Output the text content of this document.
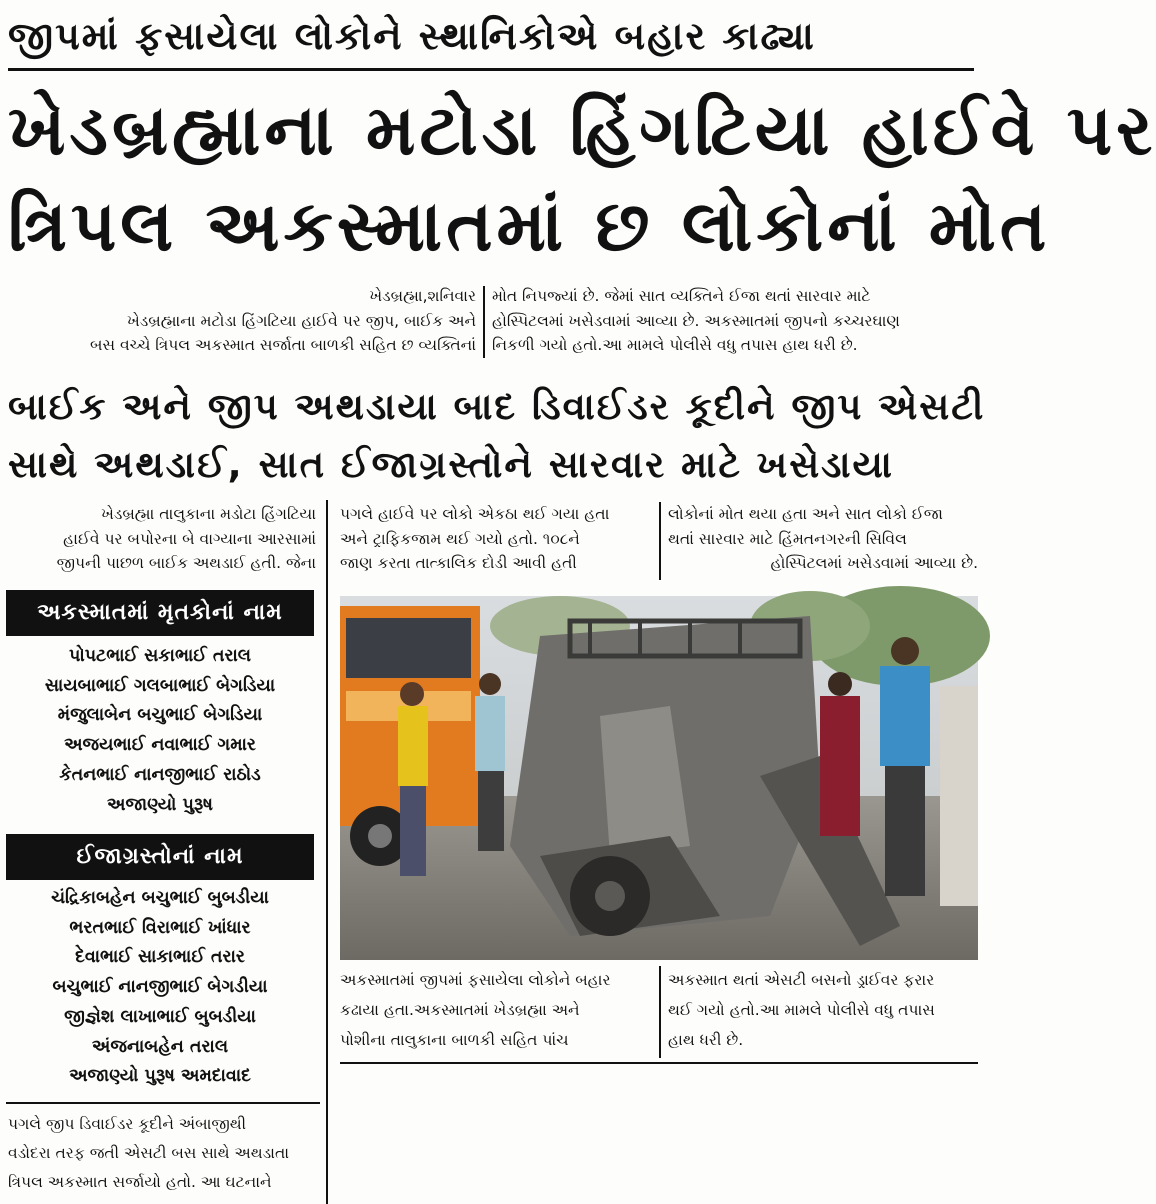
જીપમાં ફસાયેલા લોકોને સ્થાનિકોએ બહાર કાઢ્યા
ખેડબ્રહ્માના મટોડા હિંગટિયા હાઈવે પર
ત્રિપલ અકસ્માતમાં છ લોકોનાં મોત
ખેડબ્રહ્મા,શનિવાર
ખેડબ્રહ્માના મટોડા હિંગટિયા હાઈવે પર જીપ, બાઈક અને
બસ વચ્ચે ત્રિપલ અકસ્માત સર્જાતા બાળકી સહિત છ વ્યક્તિનાં
મોત નિપજ્યાં છે. જેમાં સાત વ્યક્તિને ઈજા થતાં સારવાર માટે
હોસ્પિટલમાં ખસેડવામાં આવ્યા છે. અકસ્માતમાં જીપનો કચ્ચરઘાણ
નિકળી ગયો હતો.આ મામલે પોલીસે વધુ તપાસ હાથ ધરી છે.
બાઈક અને જીપ અથડાયા બાદ ડિવાઈડર કૂદીને જીપ એસટી
સાથે અથડાઈ, સાત ઈજાગ્રસ્તોને સારવાર માટે ખસેડાયા
ખેડબ્રહ્મા તાલુકાના મડોટા હિંગટિયા
હાઈવે પર બપોરના બે વાગ્યાના આરસામાં
જીપની પાછળ બાઈક અથડાઈ હતી. જેના
પગલે હાઈવે પર લોકો એકઠા થઈ ગયા હતા
અને ટ્રાફિકજામ થઈ ગયો હતો. ૧૦૮ને
જાણ કરતા તાત્કાલિક દોડી આવી હતી
લોકોનાં મોત થયા હતા અને સાત લોકો ઈજા
થતાં સારવાર માટે હિંમતનગરની સિવિલ
હોસ્પિટલમાં ખસેડવામાં આવ્યા છે.
અકસ્માતમાં મૃતકોનાં નામ
પોપટભાઈ સકાભાઈ તરાલ
સાયબાભાઈ ગલબાભાઈ બેગડિયા
મંજુલાબેન બચુભાઈ બેગડિયા
અજયભાઈ નવાભાઈ ગમાર
કેતનભાઈ નાનજીભાઈ રાઠોડ
અજાણ્યો પુરૂષ
ઈજાગ્રસ્તોનાં નામ
ચંદ્રિકાબહેન બચુભાઈ બુબડીયા
ભરતભાઈ વિરાભાઈ ખાંધાર
દેવાભાઈ સાકાભાઈ તરાર
બચુભાઈ નાનજીભાઈ બેગડીયા
જીજ્ઞેશ લાખાભાઈ બુબડીયા
અંજનાબહેન તરાલ
અજાણ્યો પુરૂષ અમદાવાદ
પગલે જીપ ડિવાઈડર કૂદીને અંબાજીથી
વડોદરા તરફ જતી એસટી બસ સાથે અથડાતા
ત્રિપલ અકસ્માત સર્જાયો હતો. આ ઘટનાને
અકસ્માતમાં જીપમાં ફસાયેલા લોકોને બહાર
કઢાયા હતા.અકસ્માતમાં ખેડબ્રહ્મા અને
પોશીના તાલુકાના બાળકી સહિત પાંચ
અકસ્માત થતાં એસટી બસનો ડ્રાઈવર ફરાર
થઈ ગયો હતો.આ મામલે પોલીસે વધુ તપાસ
હાથ ધરી છે.
